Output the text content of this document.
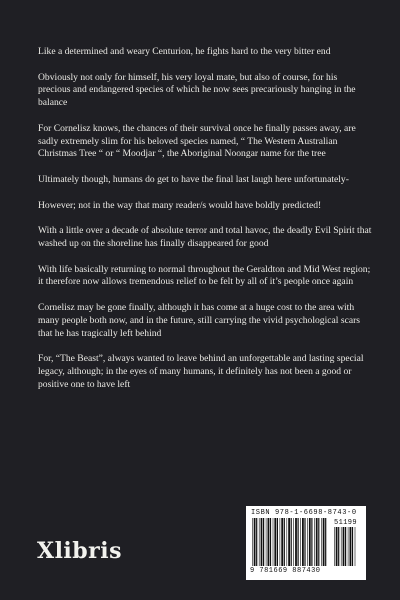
Like a determined and weary Centurion, he fights hard to the very bitter end

Obviously not only for himself, his very loyal mate, but also of course, for his precious and endangered species of which he now sees precariously hanging in the balance

For Cornelisz knows, the chances of their survival once he finally passes away, are sadly extremely slim for his beloved species named, “ The Western Australian Christmas Tree “ or “ Moodjar “, the Aboriginal Noongar name for the tree

Ultimately though, humans do get to have the final last laugh here unfortunately-

However; not in the way that many reader/s would have boldly predicted!

With a little over a decade of absolute terror and total havoc, the deadly Evil Spirit that washed up on the shoreline has finally disappeared for good

With life basically returning to normal throughout the Geraldton and Mid West region; it therefore now allows tremendous relief to be felt by all of it’s people once again

Cornelisz may be gone finally, although it has come at a huge cost to the area with many people both now, and in the future, still carrying the vivid psychological scars that he has tragically left behind

For, “The Beast”, always wanted to leave behind an unforgettable and lasting special legacy, although; in the eyes of many humans, it definitely has not been a good or positive one to have left

Xlibris
ISBN 978-1-6698-8743-0
51199
9 781669 887430
